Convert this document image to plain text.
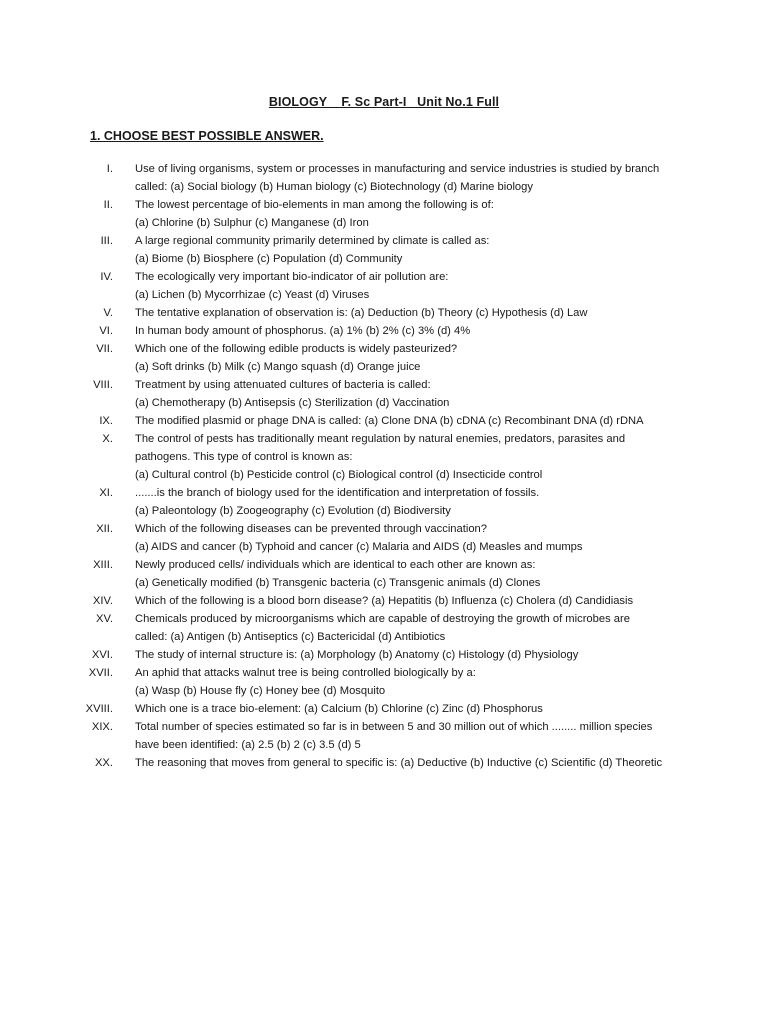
BIOLOGY    F. Sc Part-I   Unit No.1 Full
1. CHOOSE BEST POSSIBLE ANSWER.
I. Use of living organisms, system or processes in manufacturing and service industries is studied by branch
called: (a) Social biology (b) Human biology (c) Biotechnology (d) Marine biology
II. The lowest percentage of bio-elements in man among the following is of:
(a) Chlorine (b) Sulphur (c) Manganese (d) Iron
III. A large regional community primarily determined by climate is called as:
(a) Biome (b) Biosphere (c) Population (d) Community
IV. The ecologically very important bio-indicator of air pollution are:
(a) Lichen (b) Mycorrhizae (c) Yeast (d) Viruses
V. The tentative explanation of observation is: (a) Deduction (b) Theory (c) Hypothesis (d) Law
VI. In human body amount of phosphorus. (a) 1% (b) 2% (c) 3% (d) 4%
VII. Which one of the following edible products is widely pasteurized?
(a) Soft drinks (b) Milk (c) Mango squash (d) Orange juice
VIII. Treatment by using attenuated cultures of bacteria is called:
(a) Chemotherapy (b) Antisepsis (c) Sterilization (d) Vaccination
IX. The modified plasmid or phage DNA is called: (a) Clone DNA (b) cDNA (c) Recombinant DNA (d) rDNA
X. The control of pests has traditionally meant regulation by natural enemies, predators, parasites and
pathogens. This type of control is known as:
(a) Cultural control (b) Pesticide control (c) Biological control (d) Insecticide control
XI. .......is the branch of biology used for the identification and interpretation of fossils.
(a) Paleontology (b) Zoogeography (c) Evolution (d) Biodiversity
XII. Which of the following diseases can be prevented through vaccination?
(a) AIDS and cancer (b) Typhoid and cancer (c) Malaria and AIDS (d) Measles and mumps
XIII. Newly produced cells/ individuals which are identical to each other are known as:
(a) Genetically modified (b) Transgenic bacteria (c) Transgenic animals (d) Clones
XIV. Which of the following is a blood born disease? (a) Hepatitis (b) Influenza (c) Cholera (d) Candidiasis
XV. Chemicals produced by microorganisms which are capable of destroying the growth of microbes are
called: (a) Antigen (b) Antiseptics (c) Bactericidal (d) Antibiotics
XVI. The study of internal structure is: (a) Morphology (b) Anatomy (c) Histology (d) Physiology
XVII. An aphid that attacks walnut tree is being controlled biologically by a:
(a) Wasp (b) House fly (c) Honey bee (d) Mosquito
XVIII. Which one is a trace bio-element: (a) Calcium (b) Chlorine (c) Zinc (d) Phosphorus
XIX. Total number of species estimated so far is in between 5 and 30 million out of which ........ million species
have been identified: (a) 2.5 (b) 2 (c) 3.5 (d) 5
XX. The reasoning that moves from general to specific is: (a) Deductive (b) Inductive (c) Scientific (d) Theoretic
